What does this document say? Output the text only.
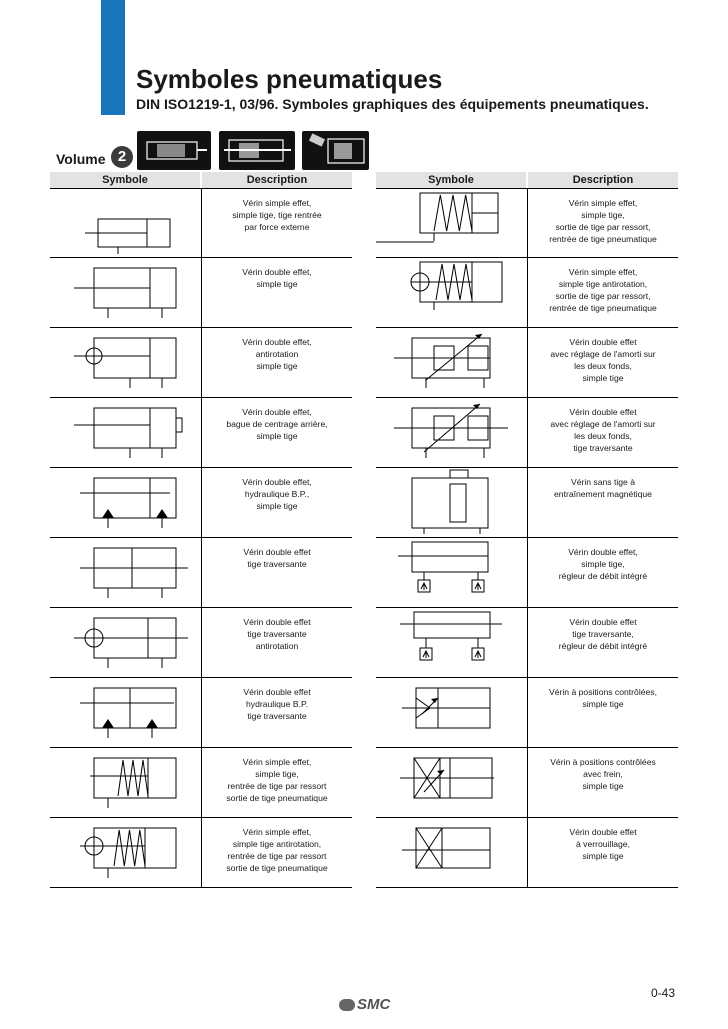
Symboles pneumatiques
DIN ISO1219-1, 03/96. Symboles graphiques des équipements pneumatiques.
Volume 2
Symbole	Description
Vérin simple effet,
simple tige, tige rentrée
par force externe
Vérin double effet,
simple tige
Vérin double effet,
antirotation
simple tige
Vérin double effet,
bague de centrage arrière,
simple tige
Vérin double effet,
hydraulique B.P.,
simple tige
Vérin double effet
tige traversante
Vérin double effet
tige traversante
antirotation
Vérin double effet
hydraulique B.P.
tige traversante
Vérin simple effet,
simple tige,
rentrée de tige par ressort
sortie de tige pneumatique
Vérin simple effet,
simple tige antirotation,
rentrée de tige par ressort
sortie de tige pneumatique
Symbole	Description
Vérin simple effet,
simple tige,
sortie de tige par ressort,
rentrée de tige pneumatique
Vérin simple effet,
simple tige antirotation,
sortie de tige par ressort,
rentrée de tige pneumatique
Vérin double effet
avec réglage de l'amorti sur
les deux fonds,
simple tige
Vérin double effet
avec réglage de l'amorti sur
les deux fonds,
tige traversante
Vérin sans tige à
entraînement magnétique
Vérin double effet,
simple tige,
régleur de débit intégré
Vérin double effet
tige traversante,
régleur de débit intégré
Vérin à positions contrôlées,
simple tige
Vérin à positions contrôlées
avec frein,
simple tige
Vérin double effet
à verrouillage,
simple tige
0-43
SMC
